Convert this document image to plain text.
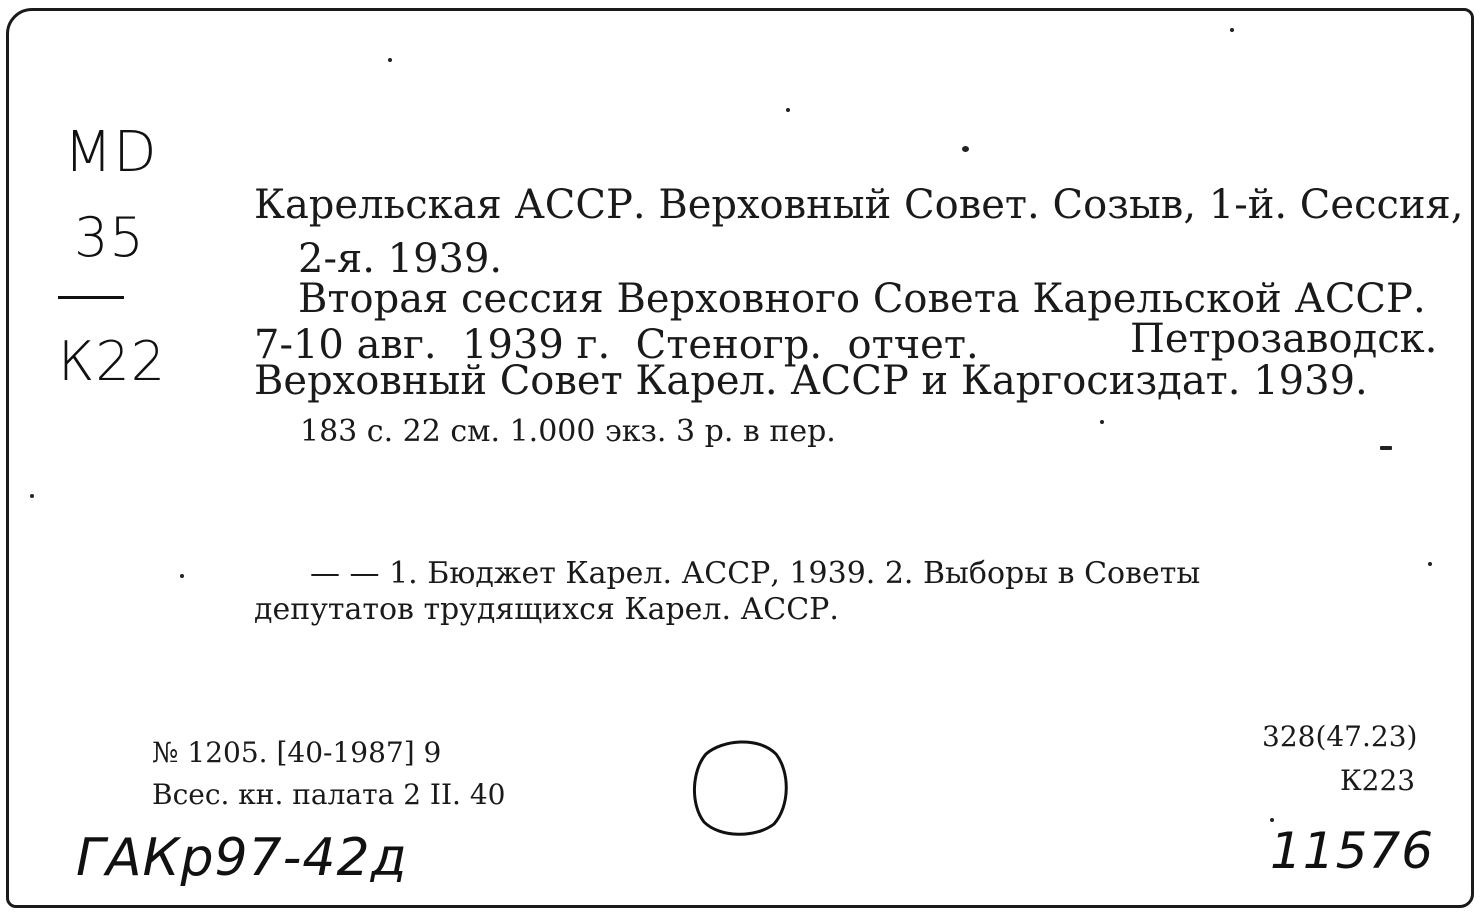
MD
35
К22
Карельская АССР. Верховный Совет. Созыв, 1-й. Сессия,
2-я. 1939.
Вторая сессия Верховного Совета Карельской АССР.
7-10 авг.  1939 г.  Стеногр.  отчет.	Петрозаводск.
Верховный Совет Карел. АССР и Каргосиздат. 1939.
183 с. 22 см. 1.000 экз. 3 р. в пер.
— — 1. Бюджет Карел. АССР, 1939. 2. Выборы в Советы
депутатов трудящихся Карел. АССР.
№ 1205. [40-1987] 9
Всес. кн. палата 2 II. 40
328(47.23)
К223
ГАКр97-42д	11576
